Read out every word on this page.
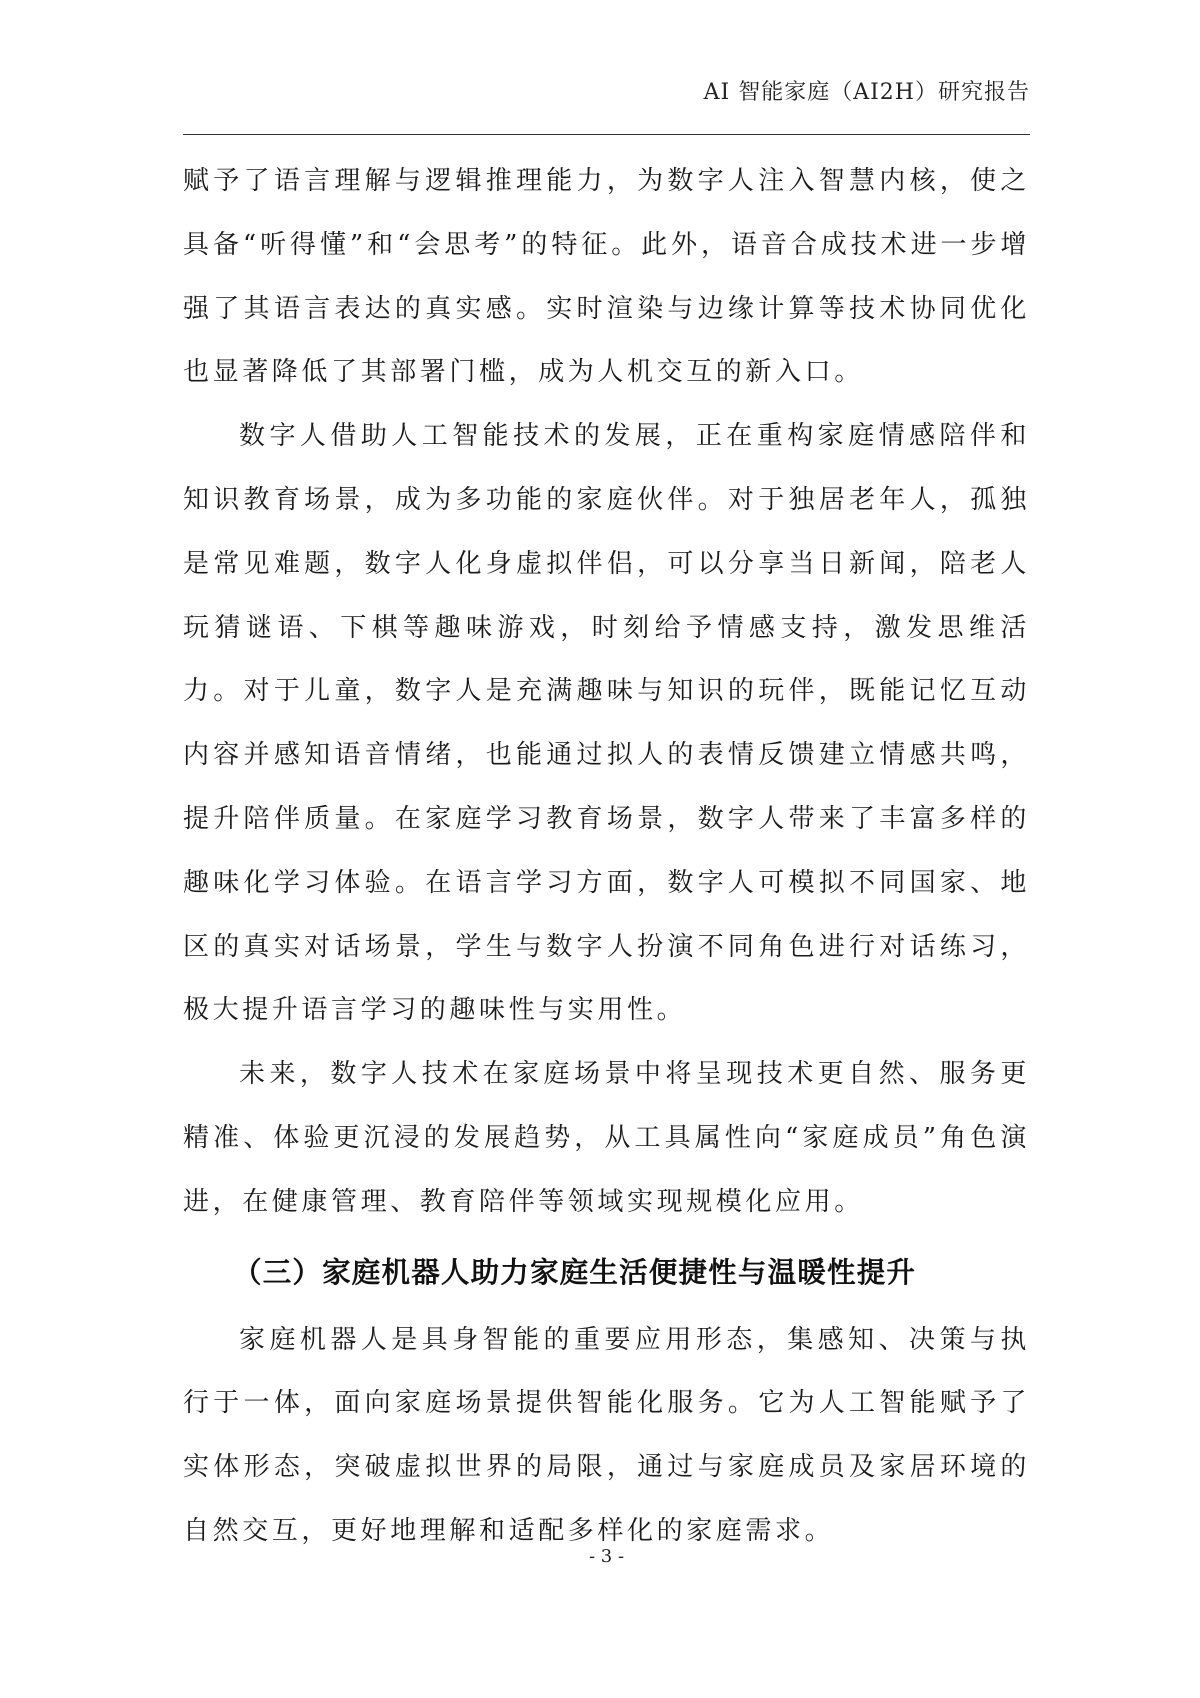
AI 智能家庭（AI2H）研究报告

赋予了语言理解与逻辑推理能力，为数字人注入智慧内核，使之具备“听得懂”和“会思考”的特征。此外，语音合成技术进一步增强了其语言表达的真实感。实时渲染与边缘计算等技术协同优化也显著降低了其部署门槛，成为人机交互的新入口。

数字人借助人工智能技术的发展，正在重构家庭情感陪伴和知识教育场景，成为多功能的家庭伙伴。对于独居老年人，孤独是常见难题，数字人化身虚拟伴侣，可以分享当日新闻，陪老人玩猜谜语、下棋等趣味游戏，时刻给予情感支持，激发思维活力。对于儿童，数字人是充满趣味与知识的玩伴，既能记忆互动内容并感知语音情绪，也能通过拟人的表情反馈建立情感共鸣，提升陪伴质量。在家庭学习教育场景，数字人带来了丰富多样的趣味化学习体验。在语言学习方面，数字人可模拟不同国家、地区的真实对话场景，学生与数字人扮演不同角色进行对话练习，极大提升语言学习的趣味性与实用性。

未来，数字人技术在家庭场景中将呈现技术更自然、服务更精准、体验更沉浸的发展趋势，从工具属性向“家庭成员”角色演进，在健康管理、教育陪伴等领域实现规模化应用。

（三）家庭机器人助力家庭生活便捷性与温暖性提升

家庭机器人是具身智能的重要应用形态，集感知、决策与执行于一体，面向家庭场景提供智能化服务。它为人工智能赋予了实体形态，突破虚拟世界的局限，通过与家庭成员及家居环境的自然交互，更好地理解和适配多样化的家庭需求。

- 3 -
